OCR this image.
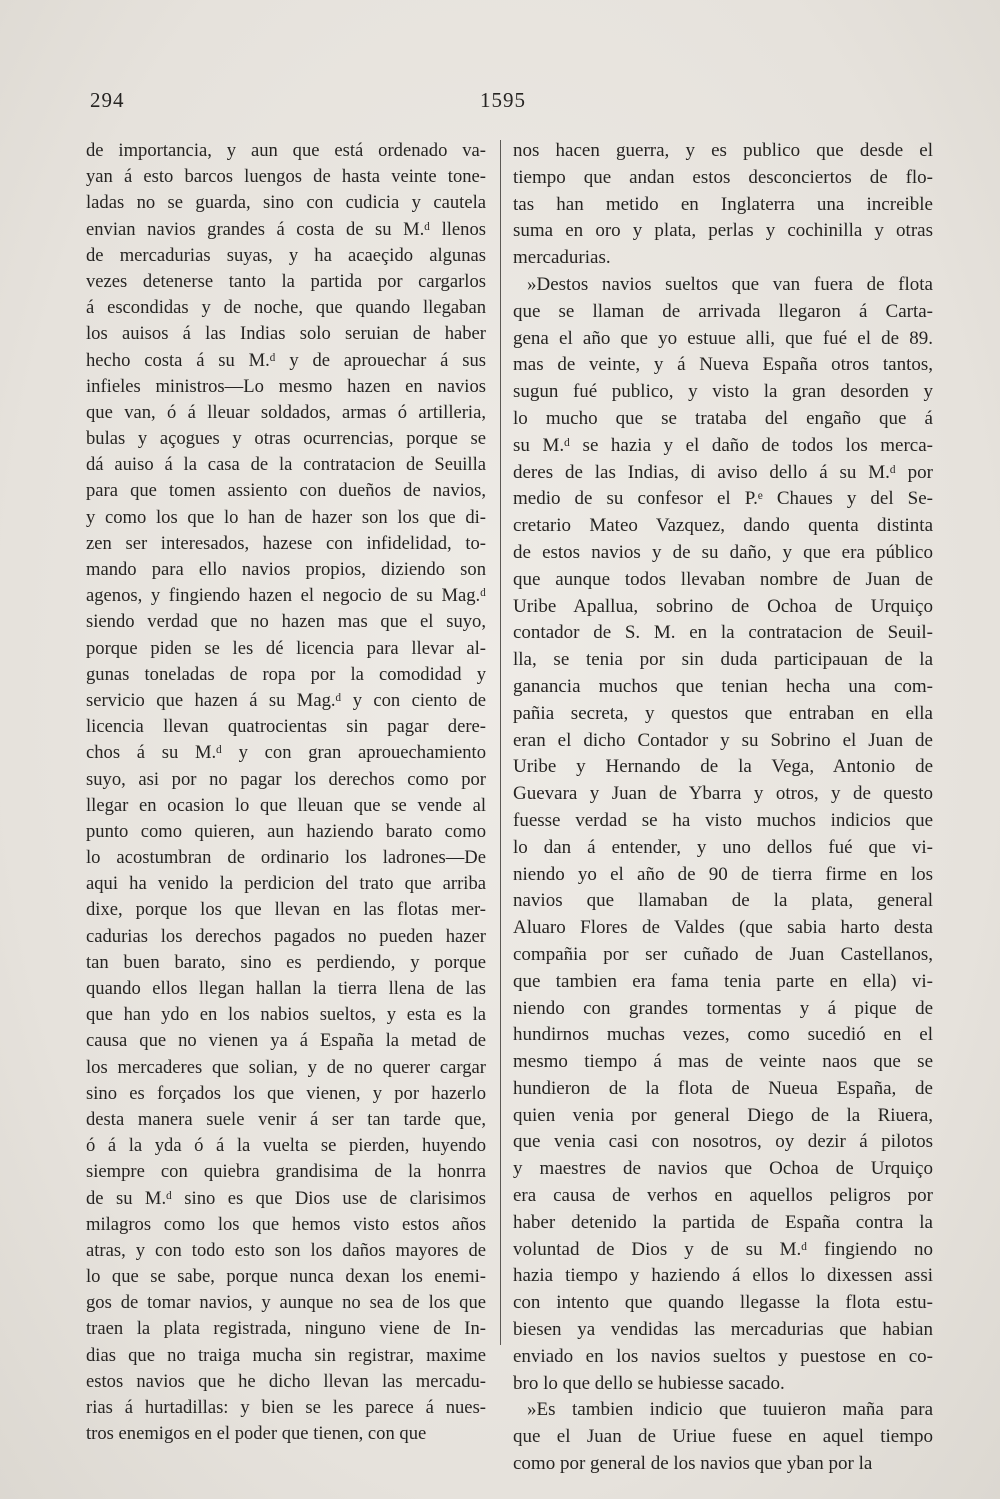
294	1595
de importancia, y aun que está ordenado va-
yan á esto barcos luengos de hasta veinte tone-
ladas no se guarda, sino con cudicia y cautela
envian navios grandes á costa de su M.ᵈ llenos
de mercadurias suyas, y ha acaeçido algunas
vezes detenerse tanto la partida por cargarlos
á escondidas y de noche, que quando llegaban
los auisos á las Indias solo seruian de haber
hecho costa á su M.ᵈ y de aprouechar á sus
infieles ministros—Lo mesmo hazen en navios
que van, ó á lleuar soldados, armas ó artilleria,
bulas y açogues y otras ocurrencias, porque se
dá auiso á la casa de la contratacion de Seuilla
para que tomen assiento con dueños de navios,
y como los que lo han de hazer son los que di-
zen ser interesados, hazese con infidelidad, to-
mando para ello navios propios, diziendo son
agenos, y fingiendo hazen el negocio de su Mag.ᵈ
siendo verdad que no hazen mas que el suyo,
porque piden se les dé licencia para llevar al-
gunas toneladas de ropa por la comodidad y
servicio que hazen á su Mag.ᵈ y con ciento de
licencia llevan quatrocientas sin pagar dere-
chos á su M.ᵈ y con gran aprouechamiento
suyo, asi por no pagar los derechos como por
llegar en ocasion lo que lleuan que se vende al
punto como quieren, aun haziendo barato como
lo acostumbran de ordinario los ladrones—De
aqui ha venido la perdicion del trato que arriba
dixe, porque los que llevan en las flotas mer-
cadurias los derechos pagados no pueden hazer
tan buen barato, sino es perdiendo, y porque
quando ellos llegan hallan la tierra llena de las
que han ydo en los nabios sueltos, y esta es la
causa que no vienen ya á España la metad de
los mercaderes que solian, y de no querer cargar
sino es forçados los que vienen, y por hazerlo
desta manera suele venir á ser tan tarde que,
ó á la yda ó á la vuelta se pierden, huyendo
siempre con quiebra grandisima de la honrra
de su M.ᵈ sino es que Dios use de clarisimos
milagros como los que hemos visto estos años
atras, y con todo esto son los daños mayores de
lo que se sabe, porque nunca dexan los enemi-
gos de tomar navios, y aunque no sea de los que
traen la plata registrada, ninguno viene de In-
dias que no traiga mucha sin registrar, maxime
estos navios que he dicho llevan las mercadu-
rias á hurtadillas: y bien se les parece á nues-
tros enemigos en el poder que tienen, con que
nos hacen guerra, y es publico que desde el
tiempo que andan estos desconciertos de flo-
tas han metido en Inglaterra una increible
suma en oro y plata, perlas y cochinilla y otras
mercadurias.
»Destos navios sueltos que van fuera de flota
que se llaman de arrivada llegaron á Carta-
gena el año que yo estuue alli, que fué el de 89.
mas de veinte, y á Nueva España otros tantos,
sugun fué publico, y visto la gran desorden y
lo mucho que se trataba del engaño que á
su M.ᵈ se hazia y el daño de todos los merca-
deres de las Indias, di aviso dello á su M.ᵈ por
medio de su confesor el P.ᵉ Chaues y del Se-
cretario Mateo Vazquez, dando quenta distinta
de estos navios y de su daño, y que era público
que aunque todos llevaban nombre de Juan de
Uribe Apallua, sobrino de Ochoa de Urquiço
contador de S. M. en la contratacion de Seuil-
lla, se tenia por sin duda participauan de la
ganancia muchos que tenian hecha una com-
pañia secreta, y questos que entraban en ella
eran el dicho Contador y su Sobrino el Juan de
Uribe y Hernando de la Vega, Antonio de
Guevara y Juan de Ybarra y otros, y de questo
fuesse verdad se ha visto muchos indicios que
lo dan á entender, y uno dellos fué que vi-
niendo yo el año de 90 de tierra firme en los
navios que llamaban de la plata, general
Aluaro Flores de Valdes (que sabia harto desta
compañia por ser cuñado de Juan Castellanos,
que tambien era fama tenia parte en ella) vi-
niendo con grandes tormentas y á pique de
hundirnos muchas vezes, como sucedió en el
mesmo tiempo á mas de veinte naos que se
hundieron de la flota de Nueua España, de
quien venia por general Diego de la Riuera,
que venia casi con nosotros, oy dezir á pilotos
y maestres de navios que Ochoa de Urquiço
era causa de verhos en aquellos peligros por
haber detenido la partida de España contra la
voluntad de Dios y de su M.ᵈ fingiendo no
hazia tiempo y haziendo á ellos lo dixessen assi
con intento que quando llegasse la flota estu-
biesen ya vendidas las mercadurias que habian
enviado en los navios sueltos y puestose en co-
bro lo que dello se hubiesse sacado.
»Es tambien indicio que tuuieron maña para
que el Juan de Uriue fuese en aquel tiempo
como por general de los navios que yban por la
